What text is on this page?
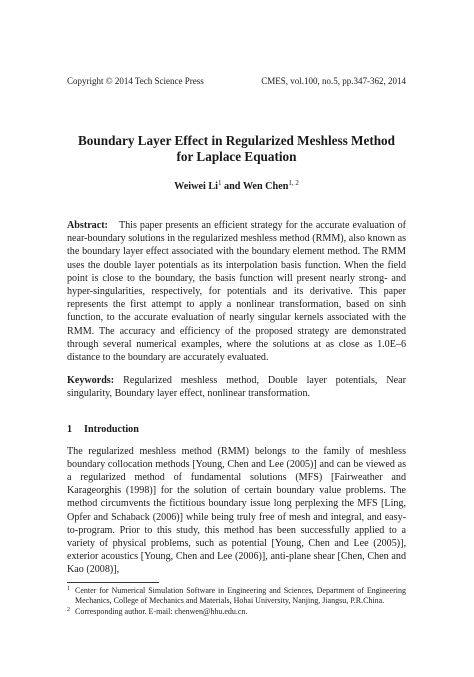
Copyright © 2014 Tech Science Press	CMES, vol.100, no.5, pp.347-362, 2014
Boundary Layer Effect in Regularized Meshless Method
for Laplace Equation
Weiwei Li$^1$ and Wen Chen$^{1, 2}$
Abstract: This paper presents an efficient strategy for the accurate evaluation of near-boundary solutions in the regularized meshless method (RMM), also known as the boundary layer effect associated with the boundary element method. The RMM uses the double layer potentials as its interpolation basis function. When the field point is close to the boundary, the basis function will present nearly strong- and hyper-singularities, respectively, for potentials and its derivative. This paper represents the first attempt to apply a nonlinear transformation, based on sinh function, to the accurate evaluation of nearly singular kernels associated with the RMM. The accuracy and efficiency of the proposed strategy are demonstrated through several numerical examples, where the solutions at as close as 1.0E–6 distance to the boundary are accurately evaluated.
Keywords: Regularized meshless method, Double layer potentials, Near singularity, Boundary layer effect, nonlinear transformation.
1 Introduction
The regularized meshless method (RMM) belongs to the family of meshless boundary collocation methods [Young, Chen and Lee (2005)] and can be viewed as a regularized method of fundamental solutions (MFS) [Fairweather and Karageorghis (1998)] for the solution of certain boundary value problems. The method circumvents the fictitious boundary issue long perplexing the MFS [Ling, Opfer and Schaback (2006)] while being truly free of mesh and integral, and easy-to-program. Prior to this study, this method has been successfully applied to a variety of physical problems, such as potential [Young, Chen and Lee (2005)], exterior acoustics [Young, Chen and Lee (2006)], anti-plane shear [Chen, Chen and Kao (2008)],
1 Center for Numerical Simulation Software in Engineering and Sciences, Department of Engineering Mechanics, College of Mechanics and Materials, Hohai University, Nanjing, Jiangsu, P.R.China.
2 Corresponding author. E-mail: chenwen@hhu.edu.cn.
